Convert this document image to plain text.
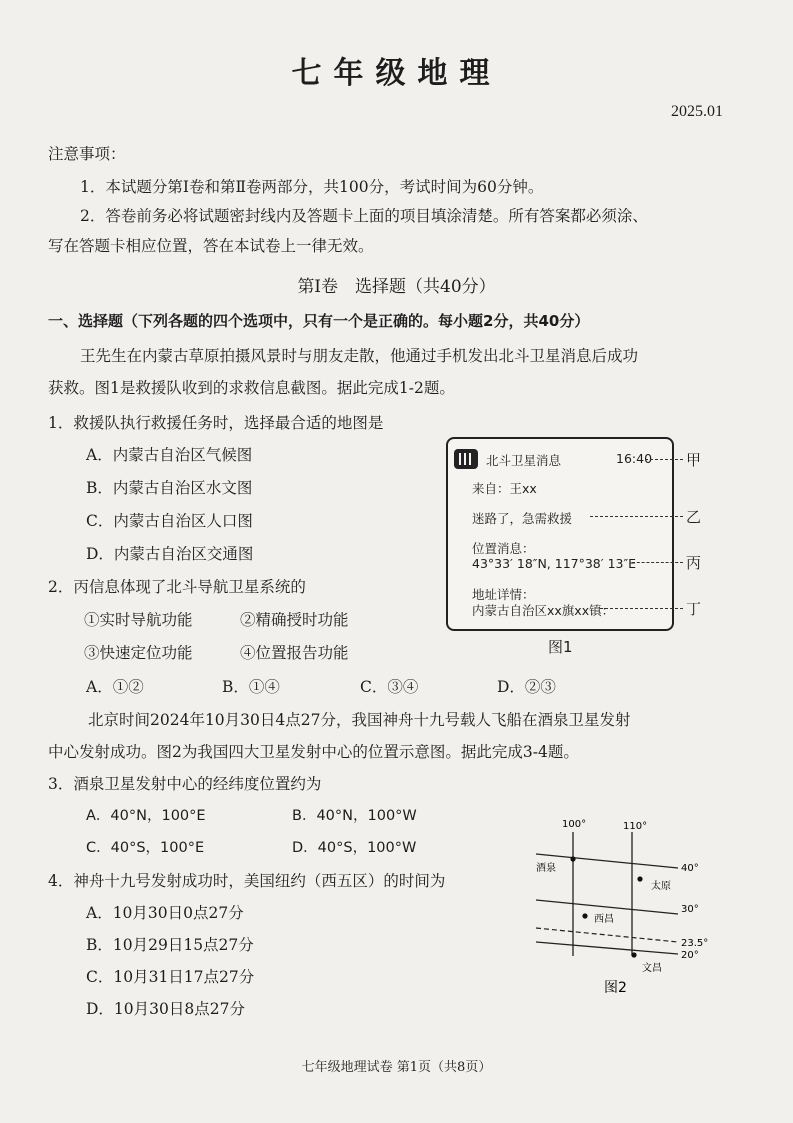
七年级地理
2025.01
注意事项：
1．本试题分第Ⅰ卷和第Ⅱ卷两部分，共100分，考试时间为60分钟。
2．答卷前务必将试题密封线内及答题卡上面的项目填涂清楚。所有答案都必须涂、
写在答题卡相应位置，答在本试卷上一律无效。
第Ⅰ卷　选择题（共40分）
一、选择题（下列各题的四个选项中，只有一个是正确的。每小题2分，共40分）
王先生在内蒙古草原拍摄风景时与朋友走散，他通过手机发出北斗卫星消息后成功
获救。图1是救援队收到的求救信息截图。据此完成1-2题。
1．救援队执行救援任务时，选择最合适的地图是
A．内蒙古自治区气候图
B．内蒙古自治区水文图
C．内蒙古自治区人口图
D．内蒙古自治区交通图
2．丙信息体现了北斗导航卫星系统的
①实时导航功能	②精确授时功能
③快速定位功能	④位置报告功能
A．①②	B．①④	C．③④	D．②③
北斗卫星消息	16:40
来自：王xx
迷路了，急需救援
位置消息：
43°33′ 18″N, 117°38′ 13″E
地址详情：
内蒙古自治区xx旗xx镇：
甲
乙
丙
丁
图1
北京时间2024年10月30日4点27分，我国神舟十九号载人飞船在酒泉卫星发射
中心发射成功。图2为我国四大卫星发射中心的位置示意图。据此完成3-4题。
3．酒泉卫星发射中心的经纬度位置约为
A．40°N，100°E	B．40°N，100°W
C．40°S，100°E	D．40°S，100°W
4．神舟十九号发射成功时，美国纽约（西五区）的时间为
A．10月30日0点27分
B．10月29日15点27分
C．10月31日17点27分
D．10月30日8点27分
100°	110°
40°
30°
23.5°
20°
酒泉
太原
西昌
文昌
图2
七年级地理试卷 第1页（共8页）
